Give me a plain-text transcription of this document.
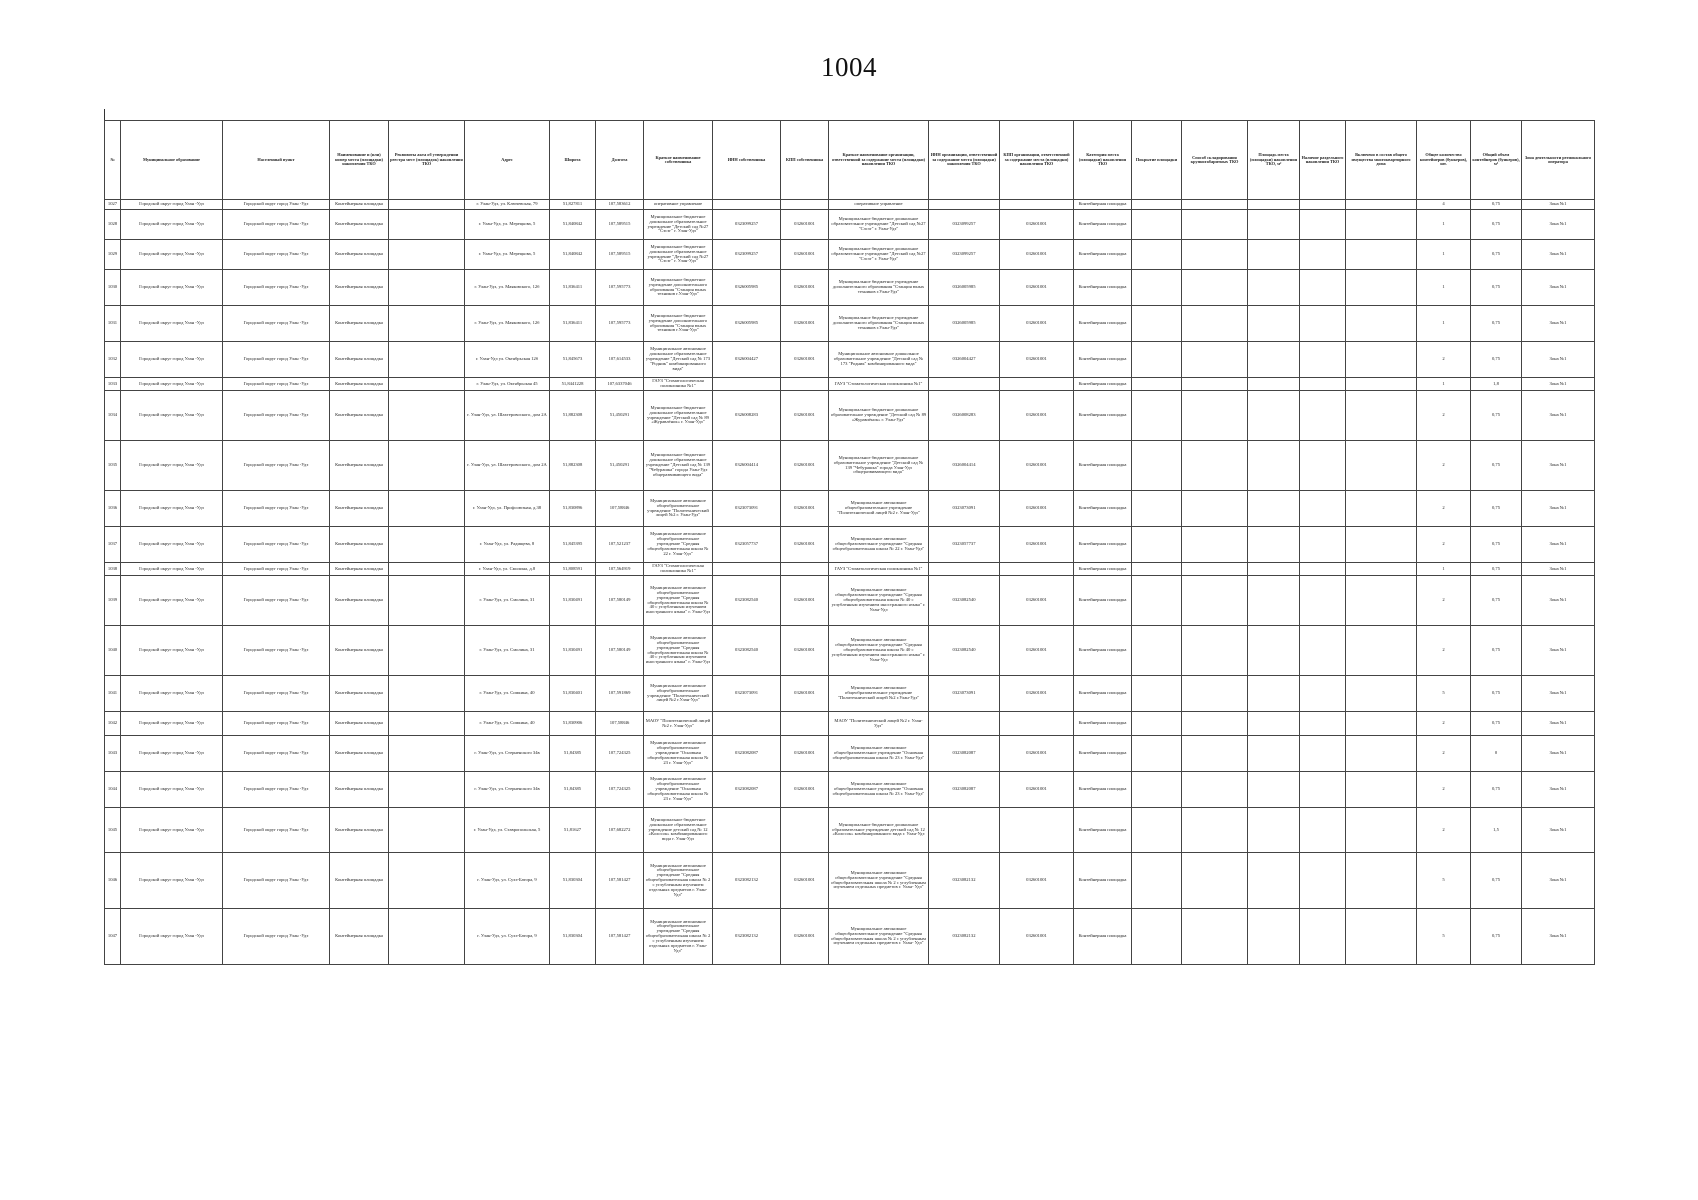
1004
№	Муниципальное образование	Населенный пункт	Наименование и (или) номер места (площадки) накопления ТКО	Реквизиты акта об утверждении реестра мест (площадок) накопления ТКО	Адрес	Широта	Долгота	Краткое наименование собственника	ИНН собственника	КПП собственника	Краткое наименование организации, ответственной за содержание места (площадки) накопления ТКО	ИНН организации, ответственной за содержание места (площадки) накопления ТКО	КПП организации, ответственной за содержание места (площадки) накопления ТКО	Категория места (площадки) накопления ТКО	Покрытие площадки	Способ складирования крупногабаритных ТКО	Площадь места (площадки) накопления ТКО, м²	Наличие раздельного накопления ТКО	Включено в состав общего имущества многоквартирного дома	Общее количество контейнеров (бункеров), шт.	Общий объем контейнеров (бункеров), м³	Зона деятельности регионального оператора
1027	Городской округ город Улан -Удэ	Городской округ город Улан -Удэ	Контейнерная площадка		г. Улан-Удэ, ул. Ключевская, 79	51,827811	107,583612	оперативное управление			оперативное управление			Контейнерная площадка						4	0,75	Зона №1
1028	Городской округ город Улан -Удэ	Городской округ город Улан -Удэ	Контейнерная площадка		г. Улан-Удэ, ул. Мерецкова, 5	51,840842	107,589515	Муниципальное бюджетное дошкольное образовательное учреждение "Детский сад №27 "Сэсэг" г. Улан-Удэ"	0323099257	032601001	Муниципальное бюджетное дошкольное образовательное учреждение "Детский сад №27 "Сэсэг" г. Улан-Удэ"	0323099257	032601001	Контейнерная площадка						1	0,75	Зона №1
1029	Городской округ город Улан -Удэ	Городской округ город Улан -Удэ	Контейнерная площадка		г. Улан-Удэ, ул. Мерецкова, 5	51,840842	107,589515	Муниципальное бюджетное дошкольное образовательное учреждение "Детский сад №27 "Сэсэг" г. Улан-Удэ"	0323099257	032601001	Муниципальное бюджетное дошкольное образовательное учреждение "Детский сад №27 "Сэсэг" г. Улан-Удэ"	0323099257	032601001	Контейнерная площадка						1	0,75	Зона №1
1030	Городской округ город Улан -Удэ	Городской округ город Улан -Удэ	Контейнерная площадка		г. Улан-Удэ, ул. Маяковского, 12б	51,836411	107,595773	Муниципальное бюджетное учреждение дополнительного образования "Станция юных техников г.Улан-Удэ"	0326005985	032601001	Муниципальное бюджетное учреждение дополнительного образования "Станция юных техников г.Улан-Удэ"	0326005985	032601001	Контейнерная площадка						1	0,75	Зона №1
1031	Городской округ город Улан -Удэ	Городской округ город Улан -Удэ	Контейнерная площадка		г. Улан-Удэ, ул. Маяковского, 12б	51,836411	107,595773	Муниципальное бюджетное учреждение дополнительного образования "Станция юных техников г.Улан-Удэ"	0326005985	032601001	Муниципальное бюджетное учреждение дополнительного образования "Станция юных техников г.Улан-Удэ"	0326005985	032601001	Контейнерная площадка						1	0,75	Зона №1
1032	Городской округ город Улан -Удэ	Городской округ город Улан -Удэ	Контейнерная площадка		г. Улан-Удэ ул. Октябрьская 12б	51,845673	107,614533	Муниципальное автономное дошкольное образовательное учреждение "Детский сад № 173 "Родник" комбинированного вида"	0326004427	032601001	Муниципальное автономное дошкольное образовательное учреждение "Детский сад № 173 "Родник" комбинированного вида"	0326004427	032601001	Контейнерная площадка						2	0,75	Зона №1
1033	Городской округ город Улан -Удэ	Городской округ город Улан -Удэ	Контейнерная площадка		г. Улан-Удэ, ул. Октябрьская 45	51,8441228	107,6337046	ГАУЗ "Стоматологическая поликлиника №1"			ГАУЗ "Стоматологическая поликлиника №1"			Контейнерная площадка						1	1,8	Зона №1
1034	Городской округ город Улан -Удэ	Городской округ город Улан -Удэ	Контейнерная площадка		г. Улан-Удэ, ул. Шахтеровоского, дом 2А	51,882308	51,450291	Муниципальное бюджетное дошкольное образовательное учреждение "Детский сад № 89 «Журавлёнок» г. Улан-Удэ"	0326008283	032601001	Муниципальное бюджетное дошкольное образовательное учреждение "Детский сад № 89 «Журавлёнок» г. Улан-Удэ"	0326008283	032601001	Контейнерная площадка						2	0,75	Зона №1
1035	Городской округ город Улан -Удэ	Городской округ город Улан -Удэ	Контейнерная площадка		г. Улан-Удэ, ул. Шахтеровоского, дом 2А	51,882308	51,450291	Муниципальное бюджетное дошкольное образовательное учреждение "Детский сад № 139 "Чебурашка" города Улан-Удэ общеразвивающего вида"	0326004414	032601001	Муниципальное бюджетное дошкольное образовательное учреждение "Детский сад № 139 "Чебурашка" города Улан-Удэ общеразвивающего вида"	0326004414	032601001	Контейнерная площадка						2	0,75	Зона №1
1036	Городской округ город Улан -Удэ	Городской округ город Улан -Удэ	Контейнерная площадка		г. Улан-Удэ, ул. Профсоюзная, д.38	51,830896	107,58846	Муниципальное автономное общеобразовательное учреждение "Политехнический лицей №2 г. Улан-Удэ"	0323073091	032601001	Муниципальное автономное общеобразовательное учреждение "Политехнический лицей №2 г. Улан-Удэ"	0323073091	032601001	Контейнерная площадка						2	0,75	Зона №1
1037	Городской округ город Улан -Удэ	Городской округ город Улан -Удэ	Контейнерная площадка		г. Улан-Удэ, ул. Радищева, 8	51,845395	107,521237	Муниципальное автономное общеобразовательное учреждение "Средняя общеобразовательная школа № 22 г. Улан-Удэ"	0323057737	032601001	Муниципальное автономное общеобразовательное учреждение "Средняя общеобразовательная школа № 22 г. Улан-Удэ"	0323057737	032601001	Контейнерная площадка						2	0,75	Зона №1
1038	Городской округ город Улан -Удэ	Городской округ город Улан -Удэ	Контейнерная площадка		г. Улан-Удэ, ул. Смолина, д.8	51,808591	107,564919	ГАУЗ "Стоматологическая поликлиника №1"			ГАУЗ "Стоматологическая поликлиника №1"			Контейнерная площадка						1	0,75	Зона №1
1039	Городской округ город Улан -Удэ	Городской округ город Улан -Удэ	Контейнерная площадка		г. Улан-Удэ, ул. Смолина, 31	51,830491	107,580149	Муниципальное автономное общеобразовательное учреждение "Средняя общеобразовательная школа № 40 с углубленным изучением иностранного языка" г. Улан-Удэ	0323082540	032601001	Муниципальное автономное общеобразовательное учреждение "Средняя общеобразовательная школа № 40 с углубленным изучением иностранного языка" г. Улан-Удэ	0323082540	032601001	Контейнерная площадка						2	0,75	Зона №1
1040	Городской округ город Улан -Удэ	Городской округ город Улан -Удэ	Контейнерная площадка		г. Улан-Удэ, ул. Смолина, 31	51,830491	107,580149	Муниципальное автономное общеобразовательное учреждение "Средняя общеобразовательная школа № 40 с углубленным изучением иностранного языка" г. Улан-Удэ	0323082540	032601001	Муниципальное автономное общеобразовательное учреждение "Средняя общеобразовательная школа № 40 с углубленным изучением иностранного языка" г. Улан-Удэ	0323082540	032601001	Контейнерная площадка						2	0,75	Зона №1
1041	Городской округ город Улан -Удэ	Городской округ город Улан -Удэ	Контейнерная площадка		г. Улан-Удэ, ул. Сомкина, 40	51,830401	107,591869	Муниципальное автономное общеобразовательное учреждение "Политехнический лицей №2 г.Улан-Удэ"	0323073091	032601001	Муниципальное автономное общеобразовательное учреждение "Политехнический лицей №2 г.Улан-Удэ"	0323073091	032601001	Контейнерная площадка						5	0,75	Зона №1
1042	Городской округ город Улан -Удэ	Городской округ город Улан -Удэ	Контейнерная площадка		г. Улан-Удэ, ул. Сомкина, 40	51,830906	107,58846	МАОУ "Политехнический лицей №2 г. Улан-Удэ"			МАОУ "Политехнический лицей №2 г. Улан-Удэ"			Контейнерная площадка						2	0,75	Зона №1
1043	Городской округ город Улан -Удэ	Городской округ город Улан -Удэ	Контейнерная площадка		г. Улан-Удэ, ул. Стерненского 34в	51,84385	107,724325	Муниципальное автономное общеобразовательное учреждение "Основная общеобразовательная школа № 23 г. Улан-Удэ"	0323082087	032601001	Муниципальное автономное общеобразовательное учреждение "Основная общеобразовательная школа № 23 г. Улан-Удэ"	0323082087	032601001	Контейнерная площадка						2	0	Зона №1
1044	Городской округ город Улан -Удэ	Городской округ город Улан -Удэ	Контейнерная площадка		г. Улан-Удэ, ул. Стерненского 34в	51,84385	107,724325	Муниципальное автономное общеобразовательное учреждение "Основная общеобразовательная школа № 23 г. Улан-Удэ"	0323082087	032601001	Муниципальное автономное общеобразовательное учреждение "Основная общеобразовательная школа № 23 г. Улан-Удэ"	0323082087	032601001	Контейнерная площадка						2	0,75	Зона №1
1045	Городской округ город Улан -Удэ	Городской округ город Улан -Удэ	Контейнерная площадка		г. Улан-Удэ, ул. Ставропольская, 5	51,81627	107,682272	Муниципальное бюджетное дошкольное образовательное учреждение детский сад № 12 «Колосок» комбинированного вида г. Улан-Удэ			Муниципальное бюджетное дошкольное образовательное учреждение детский сад № 12 «Колосок» комбинированного вида г. Улан-Удэ			Контейнерная площадка						2	1,5	Зона №1
1046	Городской округ город Улан -Удэ	Городской округ город Улан -Удэ	Контейнерная площадка		г. Улан-Удэ, ул. Сухэ-Батора, 9	51,830304	107,581427	Муниципальное автономное общеобразовательное учреждение "Средняя общеобразовательная школа № 2 с углубленным изучением отдельных предметов г. Улан- Удэ"	0323082132	032601001	Муниципальное автономное общеобразовательное учреждение "Средняя общеобразовательная школа № 2 с углубленным изучением отдельных предметов г. Улан- Удэ"	0323082132	032601001	Контейнерная площадка						5	0,75	Зона №1
1047	Городской округ город Улан -Удэ	Городской округ город Улан -Удэ	Контейнерная площадка		г. Улан-Удэ, ул. Сухэ-Батора, 9	51,830304	107,581427	Муниципальное автономное общеобразовательное учреждение "Средняя общеобразовательная школа № 2 с углубленным изучением отдельных предметов г. Улан- Удэ"	0323082132	032601001	Муниципальное автономное общеобразовательное учреждение "Средняя общеобразовательная школа № 2 с углубленным изучением отдельных предметов г. Улан- Удэ"	0323082132	032601001	Контейнерная площадка						5	0,75	Зона №1
